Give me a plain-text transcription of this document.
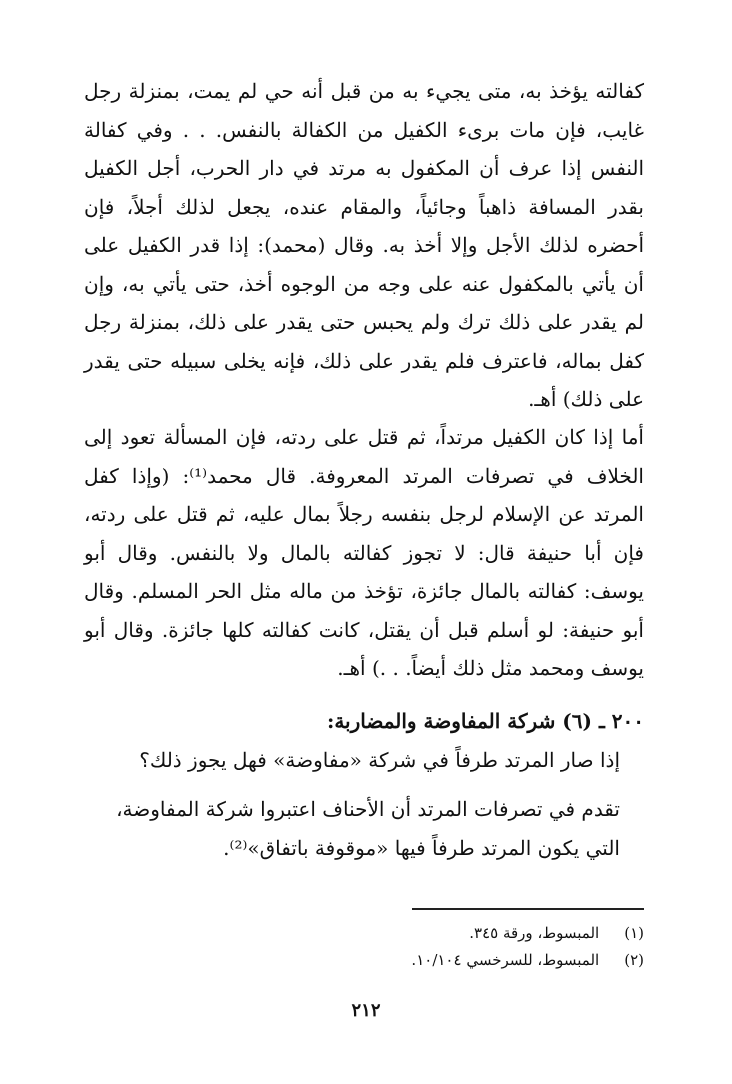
كفالته يؤخذ به، متى يجيء به من قبل أنه حي لم يمت، بمنزلة رجل غايب، فإن مات برىء الكفيل من الكفالة بالنفس. . . وفي كفالة النفس إذا عرف أن المكفول به مرتد في دار الحرب، أجل الكفيل بقدر المسافة ذاهباً وجائياً، والمقام عنده، يجعل لذلك أجلاً، فإن أحضره لذلك الأجل وإلا أخذ به. وقال (محمد): إذا قدر الكفيل على أن يأتي بالمكفول عنه على وجه من الوجوه أخذ، حتى يأتي به، وإن لم يقدر على ذلك ترك ولم يحبس حتى يقدر على ذلك، بمنزلة رجل كفل بماله، فاعترف فلم يقدر على ذلك، فإنه يخلى سبيله حتى يقدر على ذلك) أهـ.
أما إذا كان الكفيل مرتداً، ثم قتل على ردته، فإن المسألة تعود إلى الخلاف في تصرفات المرتد المعروفة. قال محمد⁽¹⁾: (وإذا كفل المرتد عن الإسلام لرجل بنفسه رجلاً بمال عليه، ثم قتل على ردته، فإن أبا حنيفة قال: لا تجوز كفالته بالمال ولا بالنفس. وقال أبو يوسف: كفالته بالمال جائزة، تؤخذ من ماله مثل الحر المسلم. وقال أبو حنيفة: لو أسلم قبل أن يقتل، كانت كفالته كلها جائزة. وقال أبو يوسف ومحمد مثل ذلك أيضاً. . .) أهـ.
٢٠٠ ـ (٦) شركة المفاوضة والمضاربة:
إذا صار المرتد طرفاً في شركة «مفاوضة» فهل يجوز ذلك؟
تقدم في تصرفات المرتد أن الأحناف اعتبروا شركة المفاوضة، التي يكون المرتد طرفاً فيها «موقوفة باتفاق»⁽²⁾.
(١) المبسوط، ورقة ٣٤٥.
(٢) المبسوط، للسرخسي ١٠/١٠٤.
٢١٢
